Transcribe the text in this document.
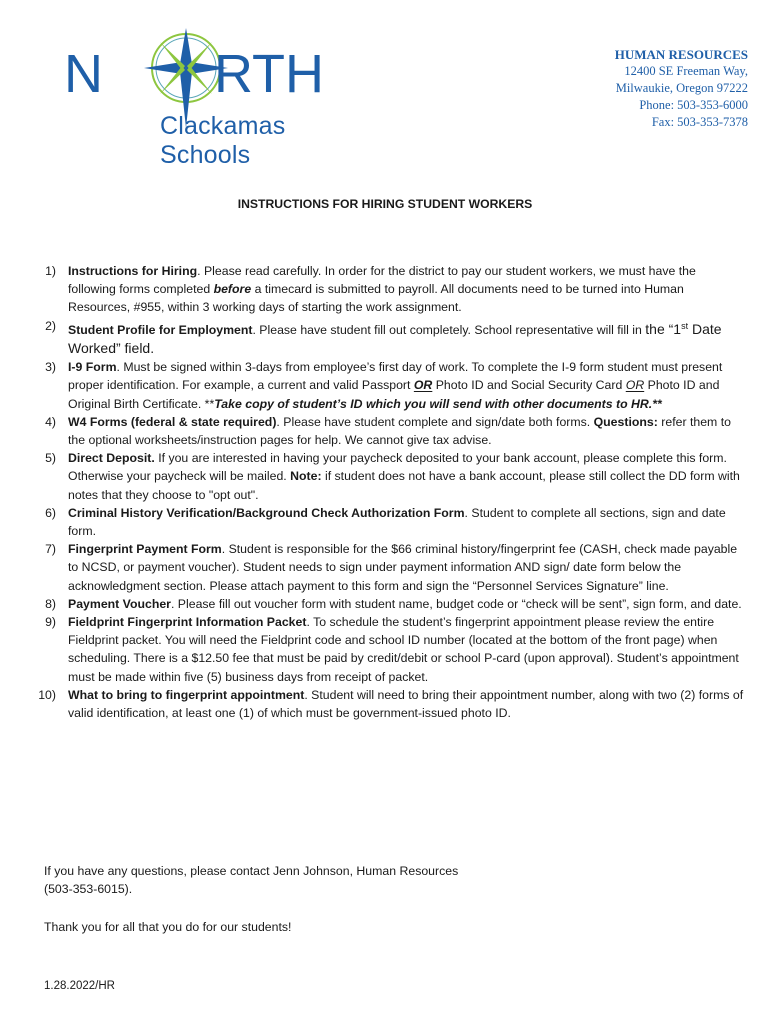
N RTH
Clackamas Schools
HUMAN RESOURCES
12400 SE Freeman Way,
Milwaukie, Oregon 97222
Phone: 503-353-6000
Fax: 503-353-7378
INSTRUCTIONS FOR HIRING STUDENT WORKERS
1) Instructions for Hiring. Please read carefully. In order for the district to pay our student workers, we must have the following forms completed before a timecard is submitted to payroll. All documents need to be turned into Human Resources, #955, within 3 working days of starting the work assignment.
2) Student Profile for Employment. Please have student fill out completely. School representative will fill in the “1st Date Worked” field.
3) I-9 Form. Must be signed within 3-days from employee’s first day of work. To complete the I-9 form student must present proper identification. For example, a current and valid Passport OR Photo ID and Social Security Card OR Photo ID and Original Birth Certificate. **Take copy of student’s ID which you will send with other documents to HR.**
4) W4 Forms (federal & state required). Please have student complete and sign/date both forms. Questions: refer them to the optional worksheets/instruction pages for help. We cannot give tax advise.
5) Direct Deposit. If you are interested in having your paycheck deposited to your bank account, please complete this form. Otherwise your paycheck will be mailed. Note: if student does not have a bank account, please still collect the DD form with notes that they choose to "opt out".
6) Criminal History Verification/Background Check Authorization Form. Student to complete all sections, sign and date form.
7) Fingerprint Payment Form. Student is responsible for the $66 criminal history/fingerprint fee (CASH, check made payable to NCSD, or payment voucher). Student needs to sign under payment information AND sign/ date form below the acknowledgment section. Please attach payment to this form and sign the “Personnel Services Signature” line.
8) Payment Voucher. Please fill out voucher form with student name, budget code or “check will be sent”, sign form, and date.
9) Fieldprint Fingerprint Information Packet. To schedule the student’s fingerprint appointment please review the entire Fieldprint packet. You will need the Fieldprint code and school ID number (located at the bottom of the front page) when scheduling. There is a $12.50 fee that must be paid by credit/debit or school P-card (upon approval). Student’s appointment must be made within five (5) business days from receipt of packet.
10) What to bring to fingerprint appointment. Student will need to bring their appointment number, along with two (2) forms of valid identification, at least one (1) of which must be government-issued photo ID.
If you have any questions, please contact Jenn Johnson, Human Resources
(503-353-6015).
Thank you for all that you do for our students!
1.28.2022/HR
